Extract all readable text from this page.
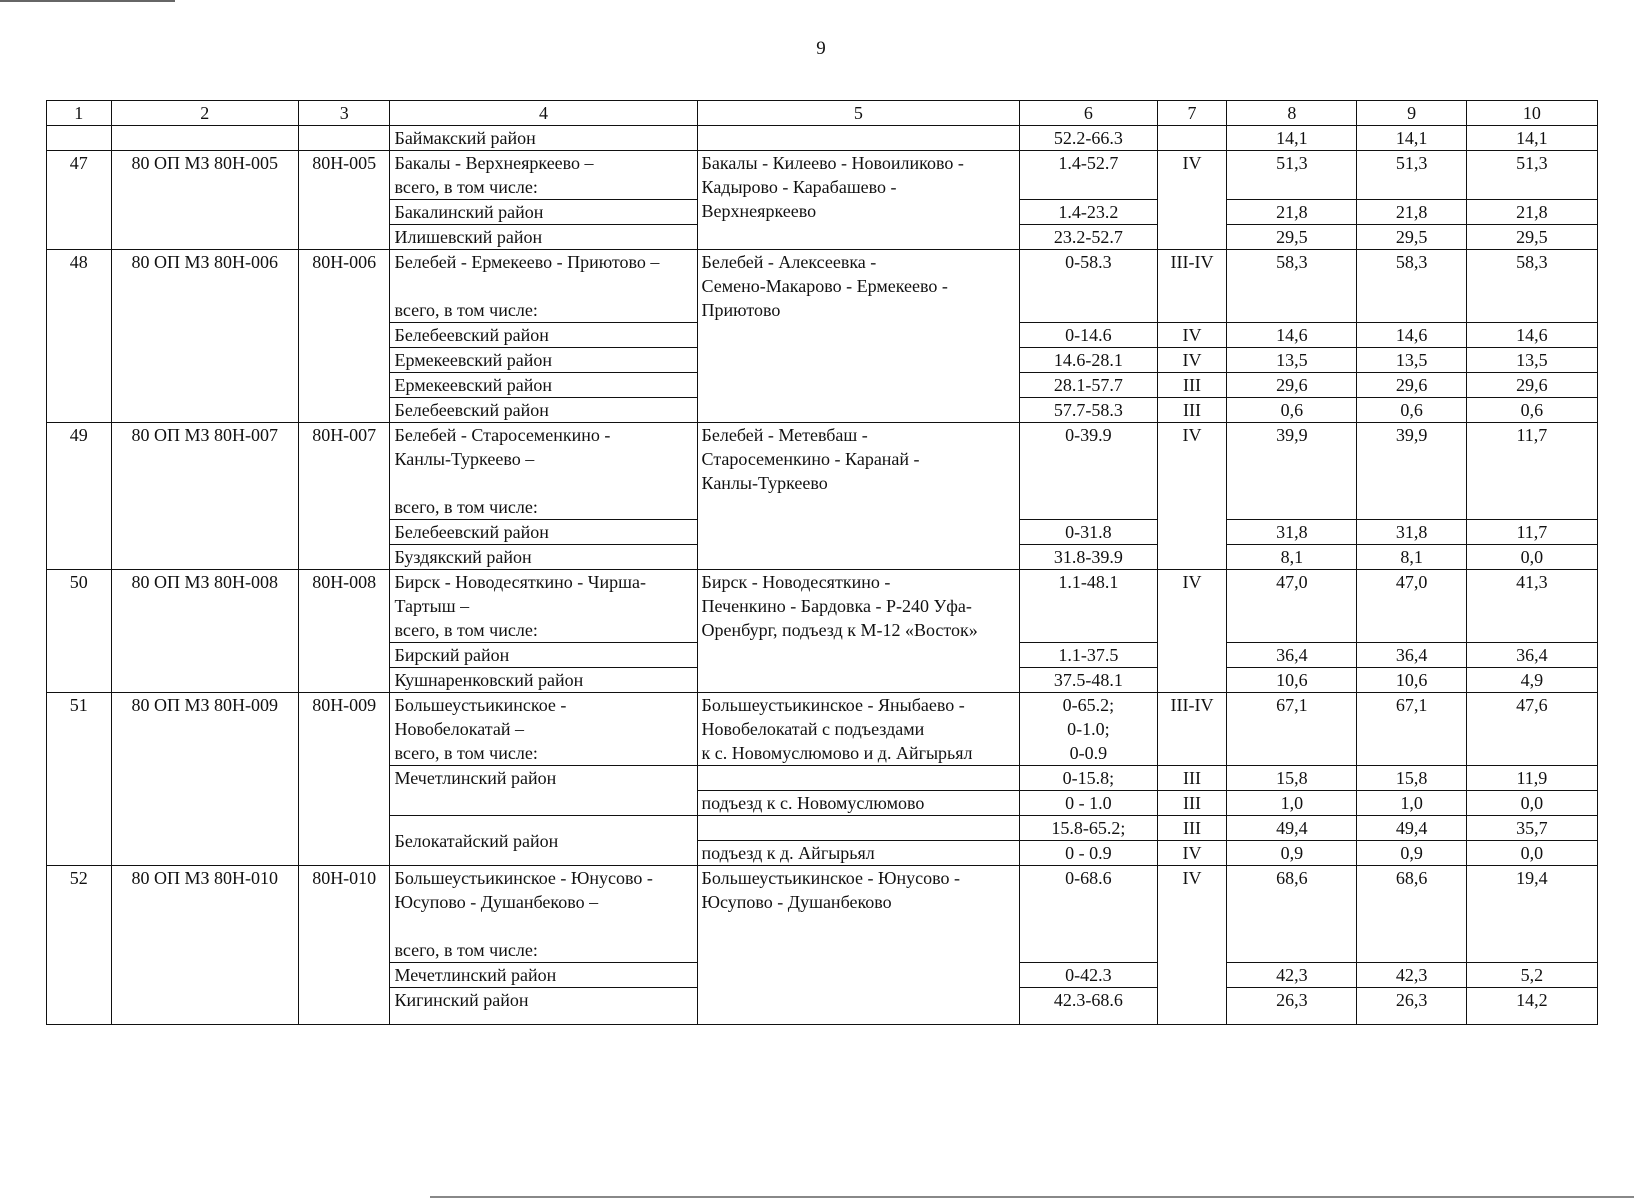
9
1	2	3	4	5	6	7	8	9	10
			Баймакский район		52.2-66.3		14,1	14,1	14,1
47	80 ОП МЗ 80Н-005	80Н-005	Бакалы - Верхнеяркеево –
всего, в том числе:	Бакалы - Килеево - Новоиликово -
Кадырово - Карабашево -
Верхнеяркеево	1.4-52.7	IV	51,3	51,3	51,3
			Бакалинский район		1.4-23.2		21,8	21,8	21,8
			Илишевский район		23.2-52.7		29,5	29,5	29,5
48	80 ОП МЗ 80Н-006	80Н-006	Белебей - Ермекеево - Приютово –
всего, в том числе:	Белебей - Алексеевка -
Семено-Макарово - Ермекеево -
Приютово	0-58.3	III-IV	58,3	58,3	58,3
			Белебеевский район		0-14.6	IV	14,6	14,6	14,6
			Ермекеевский район		14.6-28.1	IV	13,5	13,5	13,5
			Ермекеевский район		28.1-57.7	III	29,6	29,6	29,6
			Белебеевский район		57.7-58.3	III	0,6	0,6	0,6
49	80 ОП МЗ 80Н-007	80Н-007	Белебей - Старосеменкино -
Канлы-Туркеево –
всего, в том числе:	Белебей - Метевбаш -
Старосеменкино - Каранай -
Канлы-Туркеево	0-39.9	IV	39,9	39,9	11,7
			Белебеевский район		0-31.8		31,8	31,8	11,7
			Буздякский район		31.8-39.9		8,1	8,1	0,0
50	80 ОП МЗ 80Н-008	80Н-008	Бирск - Новодесяткино - Чирша-
Тартыш –
всего, в том числе:	Бирск - Новодесяткино -
Печенкино - Бардовка - Р-240 Уфа-
Оренбург, подъезд к М-12 «Восток»	1.1-48.1	IV	47,0	47,0	41,3
			Бирский район		1.1-37.5		36,4	36,4	36,4
			Кушнаренковский район		37.5-48.1		10,6	10,6	4,9
51	80 ОП МЗ 80Н-009	80Н-009	Большеустьикинское -
Новобелокатай –
всего, в том числе:	Большеустьикинское - Яныбаево -
Новобелокатай с подъездами
к с. Новомуслюмово и д. Айгырьял	0-65.2;
0-1.0;
0-0.9	III-IV	67,1	67,1	47,6
			Мечетлинский район		0-15.8;	III	15,8	15,8	11,9
				подъезд к с. Новомуслюмово	0 - 1.0	III	1,0	1,0	0,0
			Белокатайский район		15.8-65.2;	III	49,4	49,4	35,7
				подъезд к д. Айгырьял	0 - 0.9	IV	0,9	0,9	0,0
52	80 ОП МЗ 80Н-010	80Н-010	Большеустьикинское - Юнусово -
Юсупово - Душанбеково –
всего, в том числе:	Большеустьикинское - Юнусово -
Юсупово - Душанбеково	0-68.6	IV	68,6	68,6	19,4
			Мечетлинский район		0-42.3		42,3	42,3	5,2
			Кигинский район		42.3-68.6		26,3	26,3	14,2
